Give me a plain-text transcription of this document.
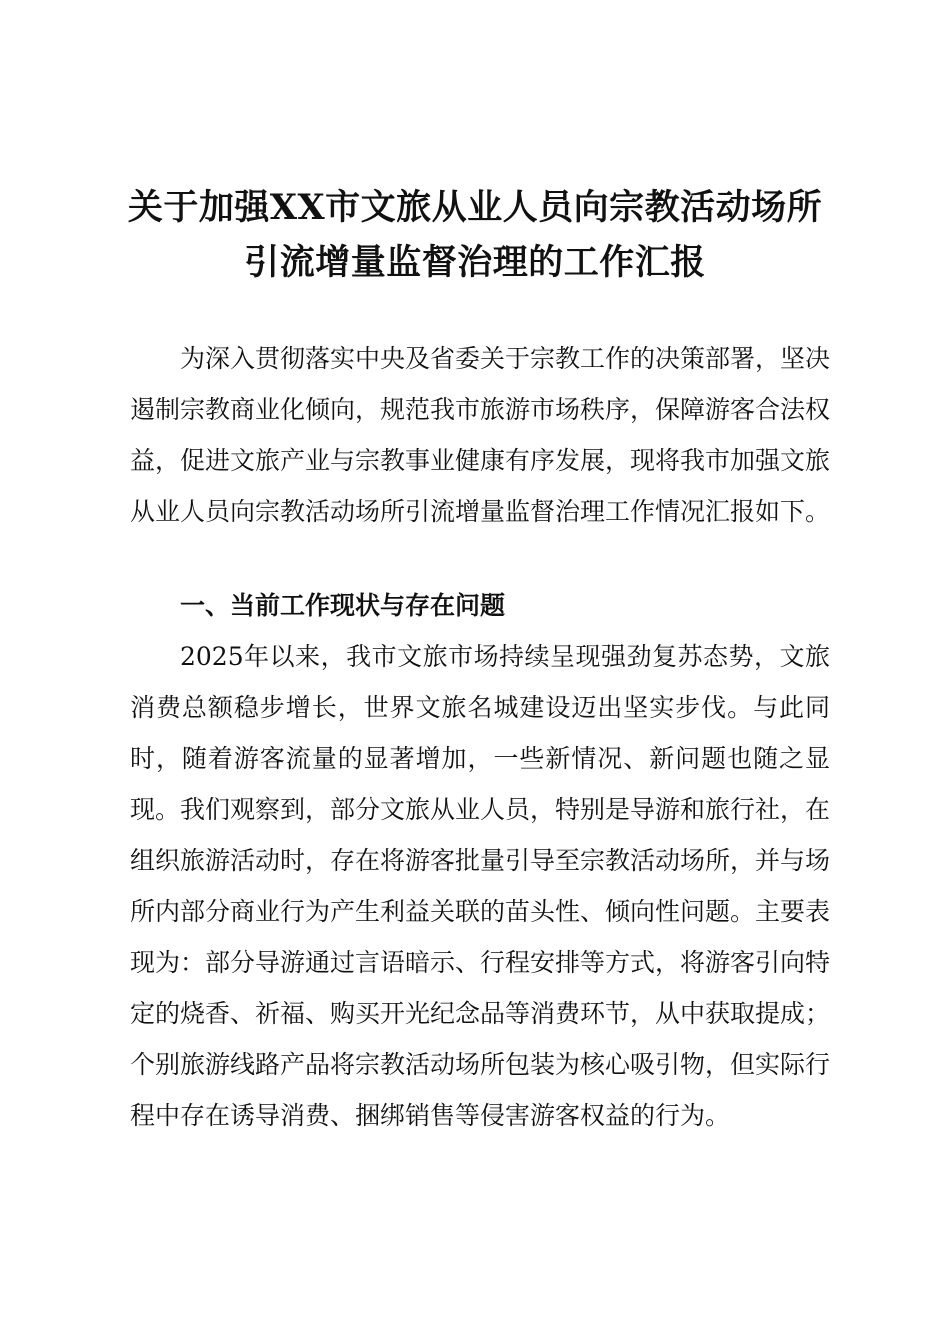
关于加强XX市文旅从业人员向宗教活动场所
引流增量监督治理的工作汇报

为深入贯彻落实中央及省委关于宗教工作的决策部署，坚决遏制宗教商业化倾向，规范我市旅游市场秩序，保障游客合法权益，促进文旅产业与宗教事业健康有序发展，现将我市加强文旅从业人员向宗教活动场所引流增量监督治理工作情况汇报如下。

一、当前工作现状与存在问题

2025年以来，我市文旅市场持续呈现强劲复苏态势，文旅消费总额稳步增长，世界文旅名城建设迈出坚实步伐。与此同时，随着游客流量的显著增加，一些新情况、新问题也随之显现。我们观察到，部分文旅从业人员，特别是导游和旅行社，在组织旅游活动时，存在将游客批量引导至宗教活动场所，并与场所内部分商业行为产生利益关联的苗头性、倾向性问题。主要表现为：部分导游通过言语暗示、行程安排等方式，将游客引向特定的烧香、祈福、购买开光纪念品等消费环节，从中获取提成；个别旅游线路产品将宗教活动场所包装为核心吸引物，但实际行程中存在诱导消费、捆绑销售等侵害游客权益的行为。
